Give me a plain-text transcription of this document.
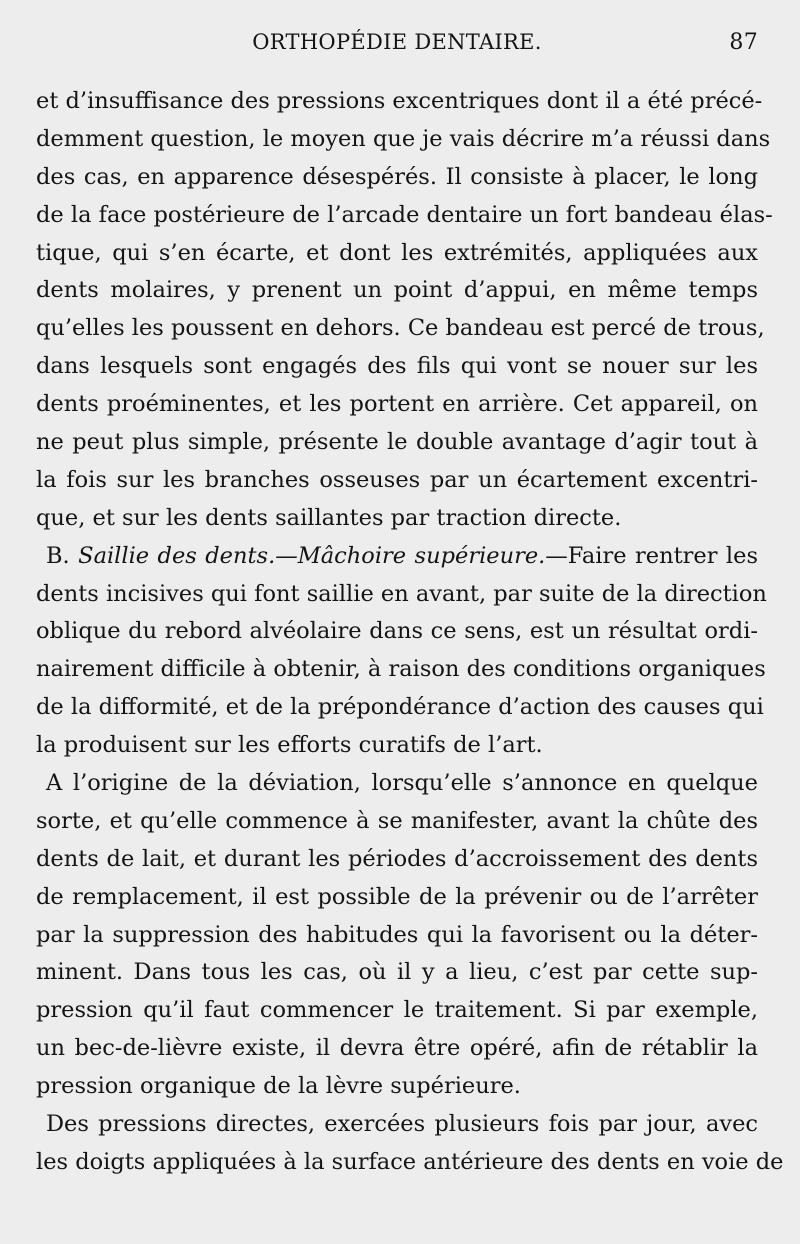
ORTHOPÉDIE DENTAIRE.	87
et d’insuffisance des pressions excentriques dont il a été précé-
demment question, le moyen que je vais décrire m’a réussi dans
des cas, en apparence désespérés. Il consiste à placer, le long
de la face postérieure de l’arcade dentaire un fort bandeau élas-
tique, qui s’en écarte, et dont les extrémités, appliquées aux
dents molaires, y prenent un point d’appui, en même temps
qu’elles les poussent en dehors. Ce bandeau est percé de trous,
dans lesquels sont engagés des fils qui vont se nouer sur les
dents proéminentes, et les portent en arrière. Cet appareil, on
ne peut plus simple, présente le double avantage d’agir tout à
la fois sur les branches osseuses par un écartement excentri-
que, et sur les dents saillantes par traction directe.
B. Saillie des dents.—Mâchoire supérieure.—Faire rentrer les
dents incisives qui font saillie en avant, par suite de la direction
oblique du rebord alvéolaire dans ce sens, est un résultat ordi-
nairement difficile à obtenir, à raison des conditions organiques
de la difformité, et de la prépondérance d’action des causes qui
la produisent sur les efforts curatifs de l’art.
A l’origine de la déviation, lorsqu’elle s’annonce en quelque
sorte, et qu’elle commence à se manifester, avant la chûte des
dents de lait, et durant les périodes d’accroissement des dents
de remplacement, il est possible de la prévenir ou de l’arrêter
par la suppression des habitudes qui la favorisent ou la déter-
minent. Dans tous les cas, où il y a lieu, c’est par cette sup-
pression qu’il faut commencer le traitement. Si par exemple,
un bec-de-lièvre existe, il devra être opéré, afin de rétablir la
pression organique de la lèvre supérieure.
Des pressions directes, exercées plusieurs fois par jour, avec
les doigts appliquées à la surface antérieure des dents en voie de
